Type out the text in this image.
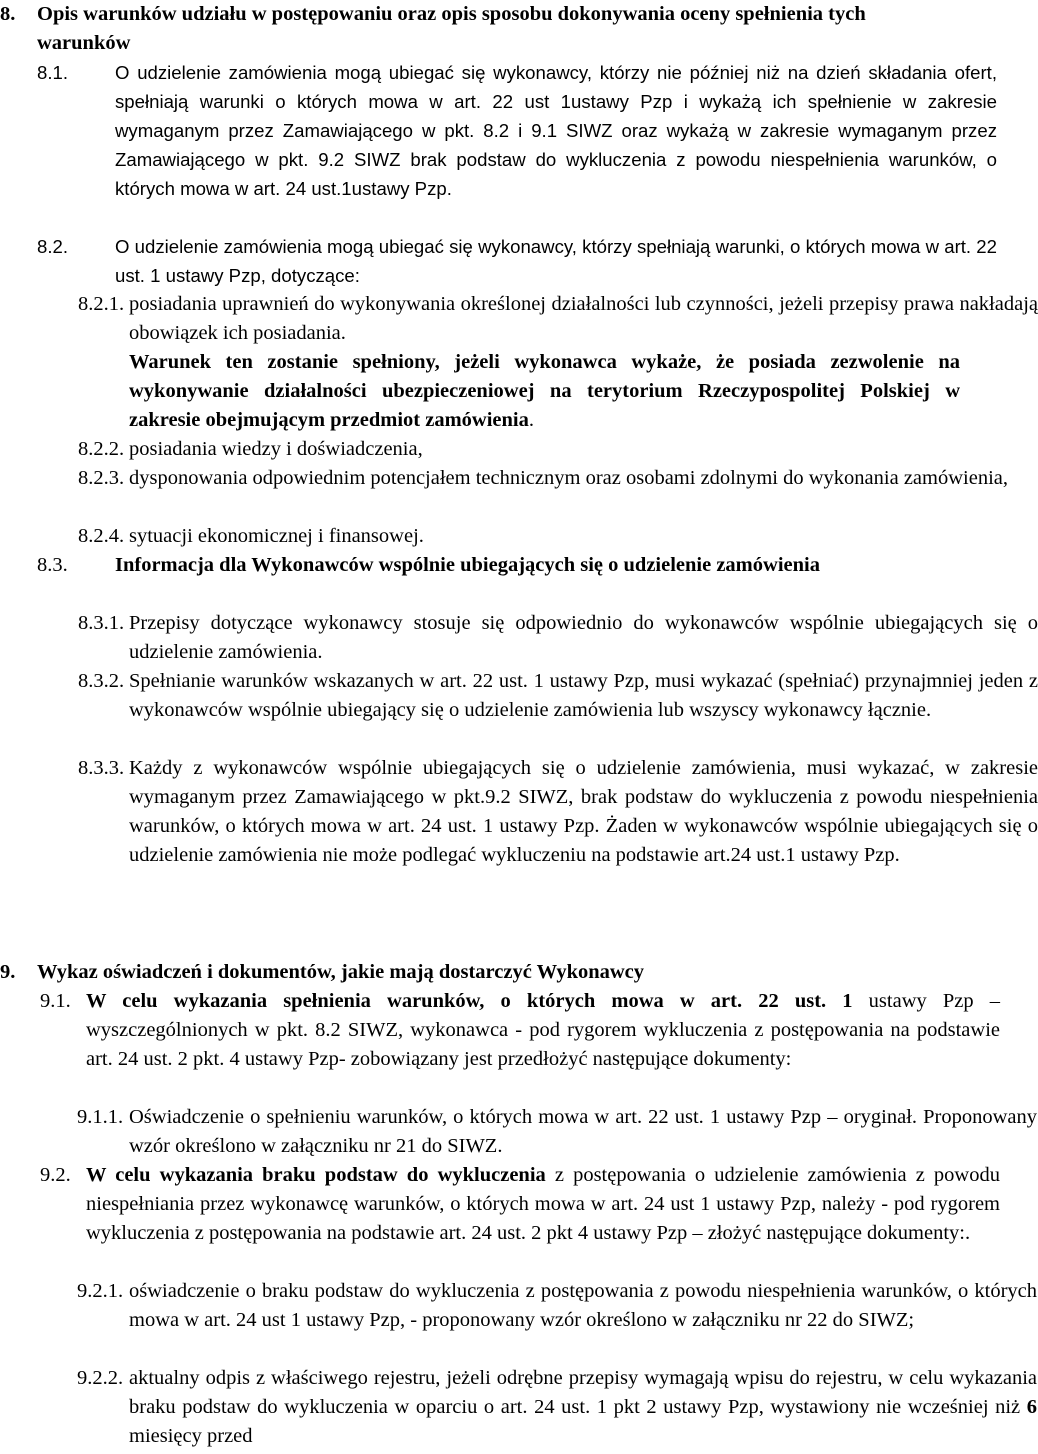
8.	Opis warunków udziału w postępowaniu oraz opis sposobu dokonywania oceny spełnienia tych warunków
8.1.	O udzielenie zamówienia mogą ubiegać się wykonawcy, którzy nie później niż na dzień składania ofert, spełniają warunki o których mowa w art. 22 ust 1ustawy Pzp i wykażą ich spełnienie w zakresie wymaganym przez Zamawiającego w pkt. 8.2 i 9.1 SIWZ oraz wykażą w zakresie wymaganym przez Zamawiającego w pkt. 9.2 SIWZ brak podstaw do wykluczenia z powodu niespełnienia warunków, o których mowa w art. 24 ust.1ustawy Pzp.
8.2.	O udzielenie zamówienia mogą ubiegać się wykonawcy, którzy spełniają warunki, o których mowa w art. 22 ust. 1 ustawy Pzp, dotyczące:
8.2.1. posiadania uprawnień do wykonywania określonej działalności lub czynności, jeżeli przepisy prawa nakładają obowiązek ich posiadania.
Warunek ten zostanie spełniony, jeżeli wykonawca wykaże, że posiada zezwolenie na wykonywanie działalności ubezpieczeniowej na terytorium Rzeczypospolitej Polskiej w zakresie obejmującym przedmiot zamówienia.
8.2.2. posiadania wiedzy i doświadczenia,
8.2.3. dysponowania odpowiednim potencjałem technicznym oraz osobami zdolnymi do wykonania zamówienia,
8.2.4. sytuacji ekonomicznej i finansowej.
8.3.	Informacja dla Wykonawców wspólnie ubiegających się o udzielenie zamówienia
8.3.1. Przepisy dotyczące wykonawcy stosuje się odpowiednio do wykonawców wspólnie ubiegających się o udzielenie zamówienia.
8.3.2. Spełnianie warunków wskazanych w art. 22 ust. 1 ustawy Pzp, musi wykazać (spełniać) przynajmniej jeden z wykonawców wspólnie ubiegający się o udzielenie zamówienia lub wszyscy wykonawcy łącznie.
8.3.3. Każdy z wykonawców wspólnie ubiegających się o udzielenie zamówienia, musi wykazać, w zakresie wymaganym przez Zamawiającego w pkt.9.2 SIWZ, brak podstaw do wykluczenia z powodu niespełnienia warunków, o których mowa w art. 24 ust. 1 ustawy Pzp. Żaden w wykonawców wspólnie ubiegających się o udzielenie zamówienia nie może podlegać wykluczeniu na podstawie art.24 ust.1 ustawy Pzp.
9.	Wykaz oświadczeń i dokumentów, jakie mają dostarczyć Wykonawcy
9.1. W celu wykazania spełnienia warunków, o których mowa w art. 22 ust. 1 ustawy Pzp – wyszczególnionych w pkt. 8.2 SIWZ, wykonawca - pod rygorem wykluczenia z postępowania na podstawie art. 24 ust. 2 pkt. 4 ustawy Pzp- zobowiązany jest przedłożyć następujące dokumenty:
9.1.1. Oświadczenie o spełnieniu warunków, o których mowa w art. 22 ust. 1 ustawy Pzp – oryginał. Proponowany wzór określono w załączniku nr 21 do SIWZ.
9.2. W celu wykazania braku podstaw do wykluczenia z postępowania o udzielenie zamówienia z powodu niespełniania przez wykonawcę warunków, o których mowa w art. 24 ust 1 ustawy Pzp, należy - pod rygorem wykluczenia z postępowania na podstawie art. 24 ust. 2 pkt 4 ustawy Pzp – złożyć następujące dokumenty:.
9.2.1. oświadczenie o braku podstaw do wykluczenia z postępowania z powodu niespełnienia warunków, o których mowa w art. 24 ust 1 ustawy Pzp, - proponowany wzór określono w załączniku nr 22 do SIWZ;
9.2.2. aktualny odpis z właściwego rejestru, jeżeli odrębne przepisy wymagają wpisu do rejestru, w celu wykazania braku podstaw do wykluczenia w oparciu o art. 24 ust. 1 pkt 2 ustawy Pzp, wystawiony nie wcześniej niż 6 miesięcy przed
